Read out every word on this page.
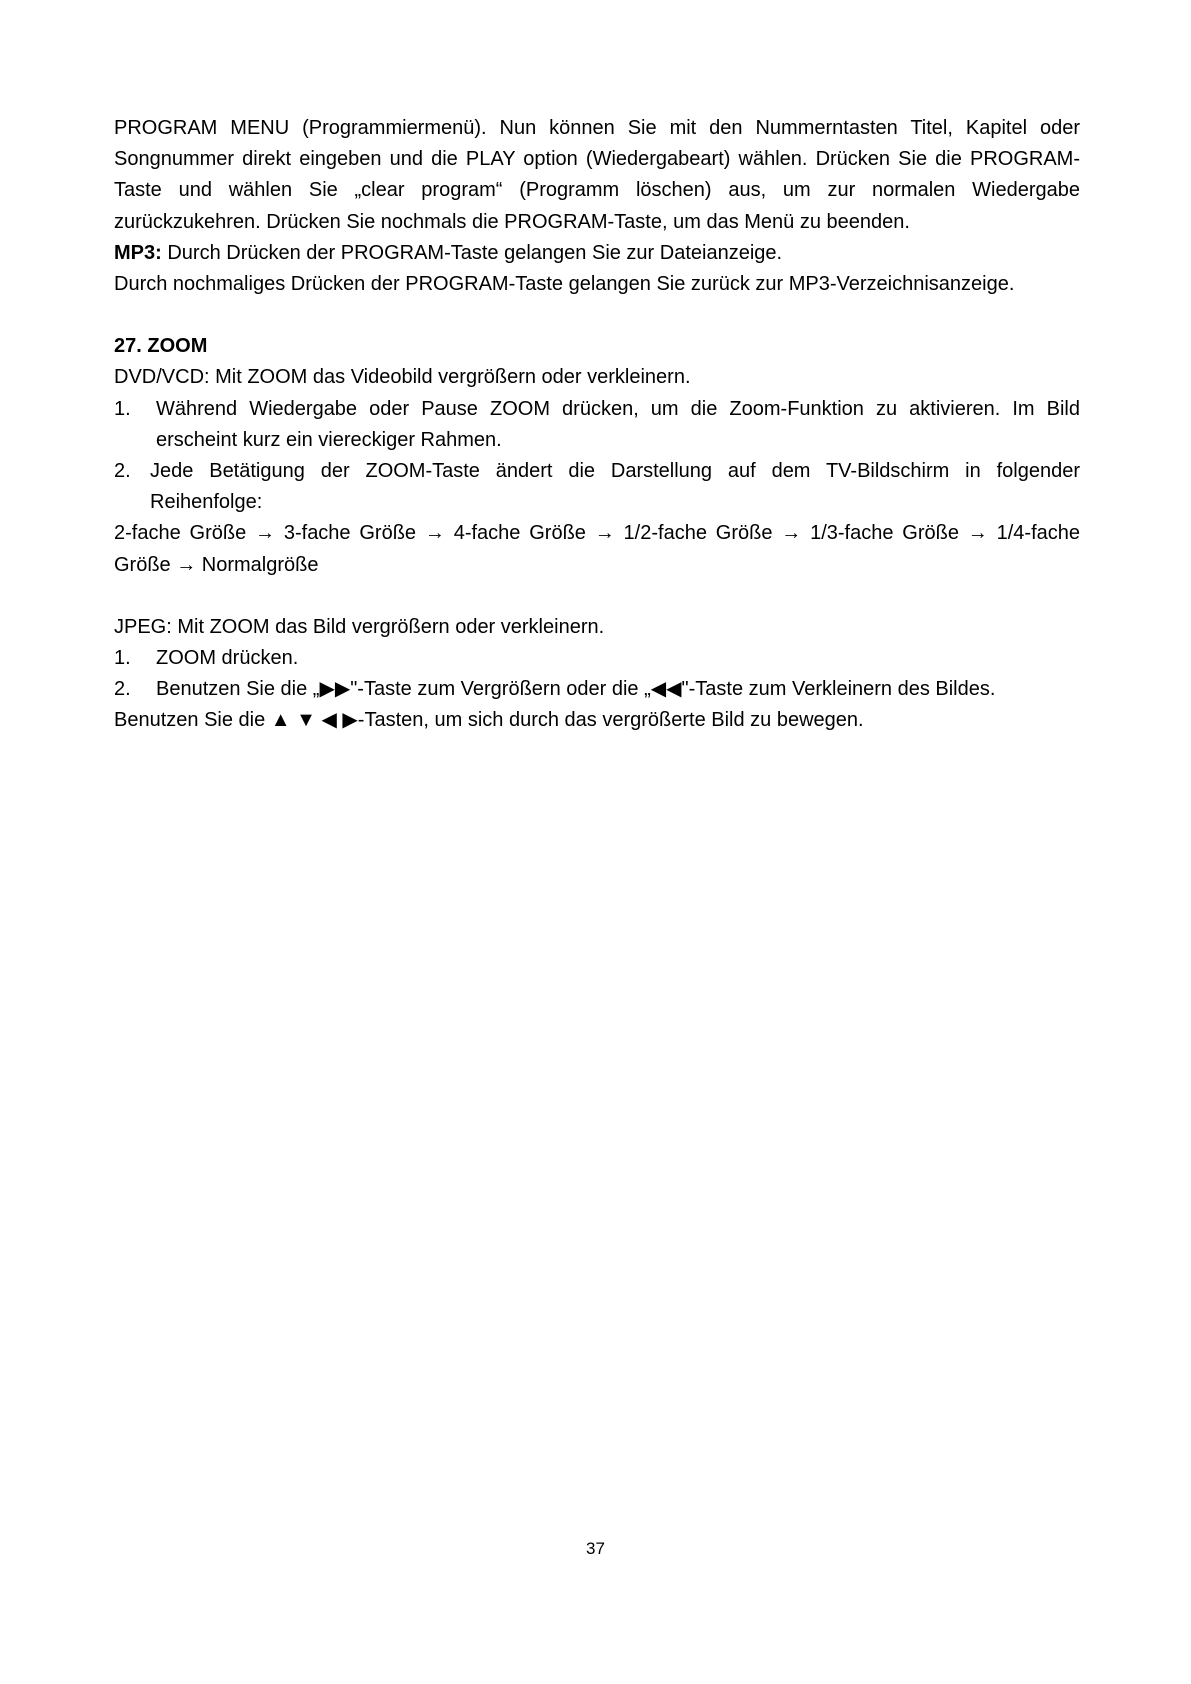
PROGRAM MENU (Programmiermenü). Nun können Sie mit den Nummerntasten Titel, Kapitel oder Songnummer direkt eingeben und die PLAY option (Wiedergabeart) wählen. Drücken Sie die PROGRAM-Taste und wählen Sie „clear program“ (Programm löschen) aus, um zur normalen Wiedergabe zurückzukehren. Drücken Sie nochmals die PROGRAM-Taste, um das Menü zu beenden.

MP3: Durch Drücken der PROGRAM-Taste gelangen Sie zur Dateianzeige.

Durch nochmaliges Drücken der PROGRAM-Taste gelangen Sie zurück zur MP3-Verzeichnisanzeige.

27. ZOOM

DVD/VCD: Mit ZOOM das Videobild vergrößern oder verkleinern.

1. Während Wiedergabe oder Pause ZOOM drücken, um die Zoom-Funktion zu aktivieren. Im Bild erscheint kurz ein viereckiger Rahmen.
2. Jede Betätigung der ZOOM-Taste ändert die Darstellung auf dem TV-Bildschirm in folgender Reihenfolge:

2-fache Größe → 3-fache Größe → 4-fache Größe → 1/2-fache Größe → 1/3-fache Größe → 1/4-fache Größe → Normalgröße

JPEG: Mit ZOOM das Bild vergrößern oder verkleinern.

1. ZOOM drücken.
2. Benutzen Sie die „▶▶"-Taste zum Vergrößern oder die „◀◀"-Taste zum Verkleinern des Bildes.

Benutzen Sie die ▲ ▼ ◀ ▶-Tasten, um sich durch das vergrößerte Bild zu bewegen.

37
